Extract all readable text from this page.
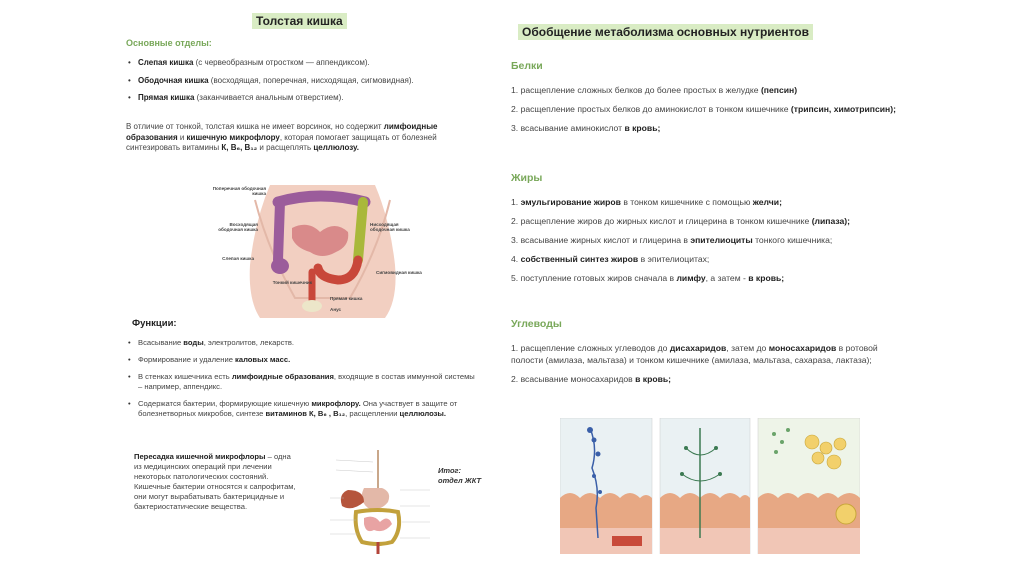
Толстая кишка
Основные отделы:
• Слепая кишка (с червеобразным отростком — аппендиксом).
• Ободочная кишка (восходящая, поперечная, нисходящая, сигмовидная).
• Прямая кишка (заканчивается анальным отверстием).
В отличие от тонкой, толстая кишка не имеет ворсинок, но содержит лимфоидные образования и кишечную микрофлору, которая помогает защищать от болезней синтезировать витамины К, В₆, В₁₂ и расщеплять целлюлозу.
Поперечная ободочная кишка
Восходящая ободочная кишка
Слепая кишка
Тонкий кишечник
Нисходящая ободочная кишка
Сигмовидная кишка
Прямая кишка
Анус
Функции:
• Всасывание воды, электролитов, лекарств.
• Формирование и удаление каловых масс.
• В стенках кишечника есть лимфоидные образования, входящие в состав иммунной системы – например, аппендикс.
• Содержатся бактерии, формирующие кишечную микрофлору. Она участвует в защите от болезнетворных микробов, синтезе витаминов К, В₆ , В₁₂, расщеплении целлюлозы.
Пересадка кишечной микрофлоры – одна из медицинских операций при лечении некоторых патологических состояний. Кишечные бактерии относятся к сапрофитам, они могут вырабатывать бактерицидные и бактериостатические вещества.
Итог: отдел ЖКТ
Обобщение метаболизма основных нутриентов
Белки
1. расщепление сложных белков до более простых в желудке (пепсин)
2. расщепление простых белков до аминокислот в тонком кишечнике (трипсин, химотрипсин);
3. всасывание аминокислот в кровь;
Жиры
1. эмульгирование жиров в тонком кишечнике с помощью желчи;
2. расщепление жиров до жирных кислот и глицерина в тонком кишечнике (липаза);
3. всасывание жирных кислот и глицерина в эпителиоциты тонкого кишечника;
4. собственный синтез жиров в эпителиоцитах;
5. поступление готовых жиров сначала в лимфу, а затем - в кровь;
Углеводы
1. расщепление сложных углеводов до дисахаридов, затем до моносахаридов в ротовой полости (амилаза, мальтаза) и тонком кишечнике (амилаза, мальтаза, сахараза, лактаза);
2. всасывание моносахаридов в кровь;
